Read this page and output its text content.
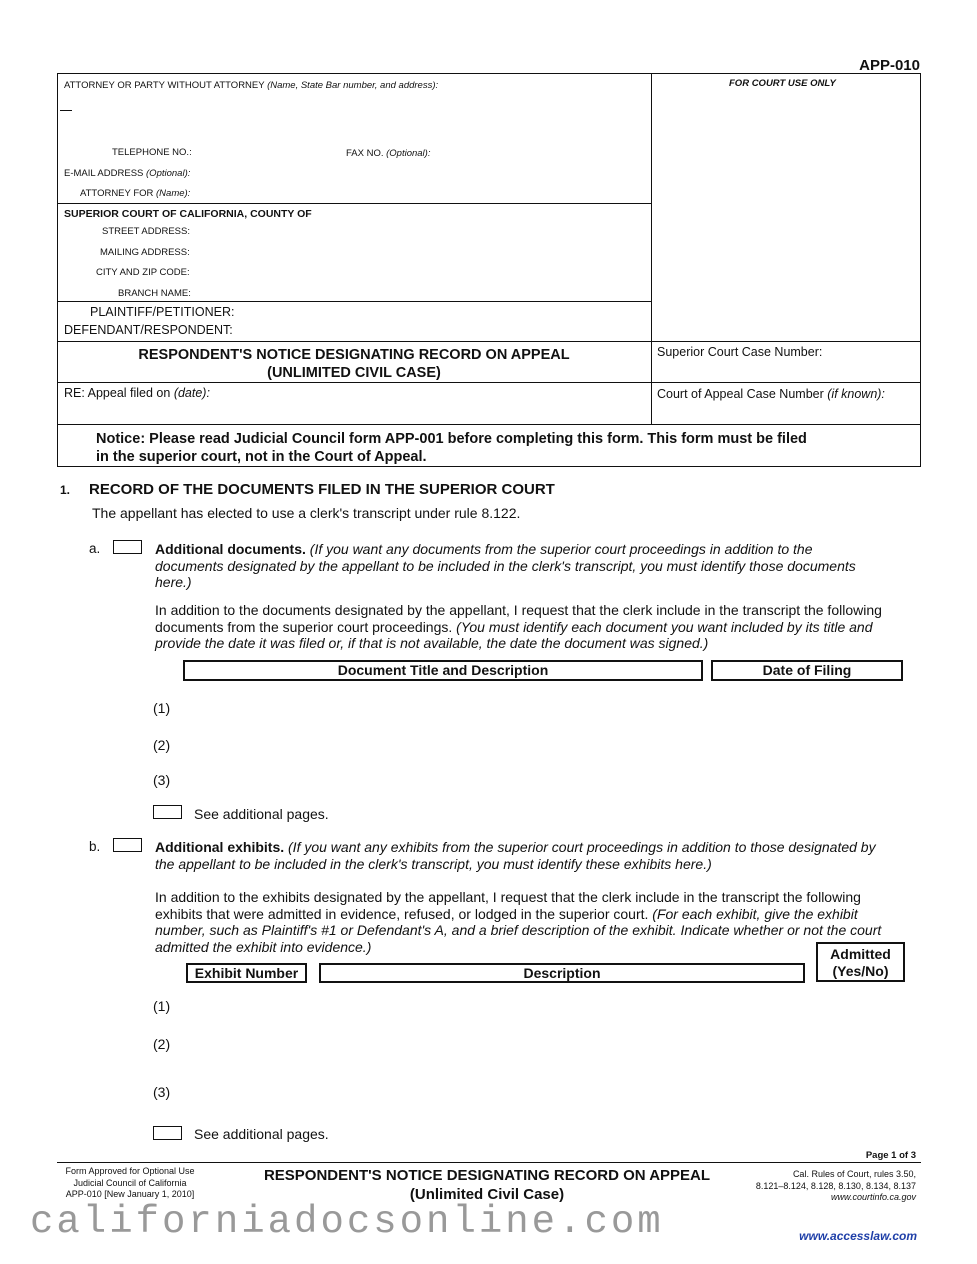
APP-010
ATTORNEY OR PARTY WITHOUT ATTORNEY (Name, State Bar number, and address):	FOR COURT USE ONLY
TELEPHONE NO.:	FAX NO. (Optional):
E-MAIL ADDRESS (Optional):
ATTORNEY FOR (Name):
SUPERIOR COURT OF CALIFORNIA, COUNTY OF
STREET ADDRESS:
MAILING ADDRESS:
CITY AND ZIP CODE:
BRANCH NAME:
PLAINTIFF/PETITIONER:
DEFENDANT/RESPONDENT:
RESPONDENT'S NOTICE DESIGNATING RECORD ON APPEAL
(UNLIMITED CIVIL CASE)
Superior Court Case Number:
RE: Appeal filed on (date):	Court of Appeal Case Number (if known):
Notice: Please read Judicial Council form APP-001 before completing this form. This form must be filed
in the superior court, not in the Court of Appeal.
1. RECORD OF THE DOCUMENTS FILED IN THE SUPERIOR COURT
The appellant has elected to use a clerk's transcript under rule 8.122.
a.	Additional documents. (If you want any documents from the superior court proceedings in addition to the
documents designated by the appellant to be included in the clerk's transcript, you must identify those documents
here.)
In addition to the documents designated by the appellant, I request that the clerk include in the transcript the following
documents from the superior court proceedings. (You must identify each document you want included by its title and
provide the date it was filed or, if that is not available, the date the document was signed.)
Document Title and Description	Date of Filing
(1)
(2)
(3)
See additional pages.
b.	Additional exhibits. (If you want any exhibits from the superior court proceedings in addition to those designated by
the appellant to be included in the clerk's transcript, you must identify these exhibits here.)
In addition to the exhibits designated by the appellant, I request that the clerk include in the transcript the following
exhibits that were admitted in evidence, refused, or lodged in the superior court. (For each exhibit, give the exhibit
number, such as Plaintiff's #1 or Defendant's A, and a brief description of the exhibit. Indicate whether or not the court
admitted the exhibit into evidence.)
Exhibit Number	Description
Admitted
(Yes/No)
(1)
(2)
(3)
See additional pages.
Page 1 of 3
Form Approved for Optional Use
Judicial Council of California
APP-010 [New January 1, 2010]
RESPONDENT'S NOTICE DESIGNATING RECORD ON APPEAL
(Unlimited Civil Case)
Cal. Rules of Court, rules 3.50,
8.121–8.124, 8.128, 8.130, 8.134, 8.137
www.courtinfo.ca.gov
californiadocsonline.com	www.accesslaw.com
